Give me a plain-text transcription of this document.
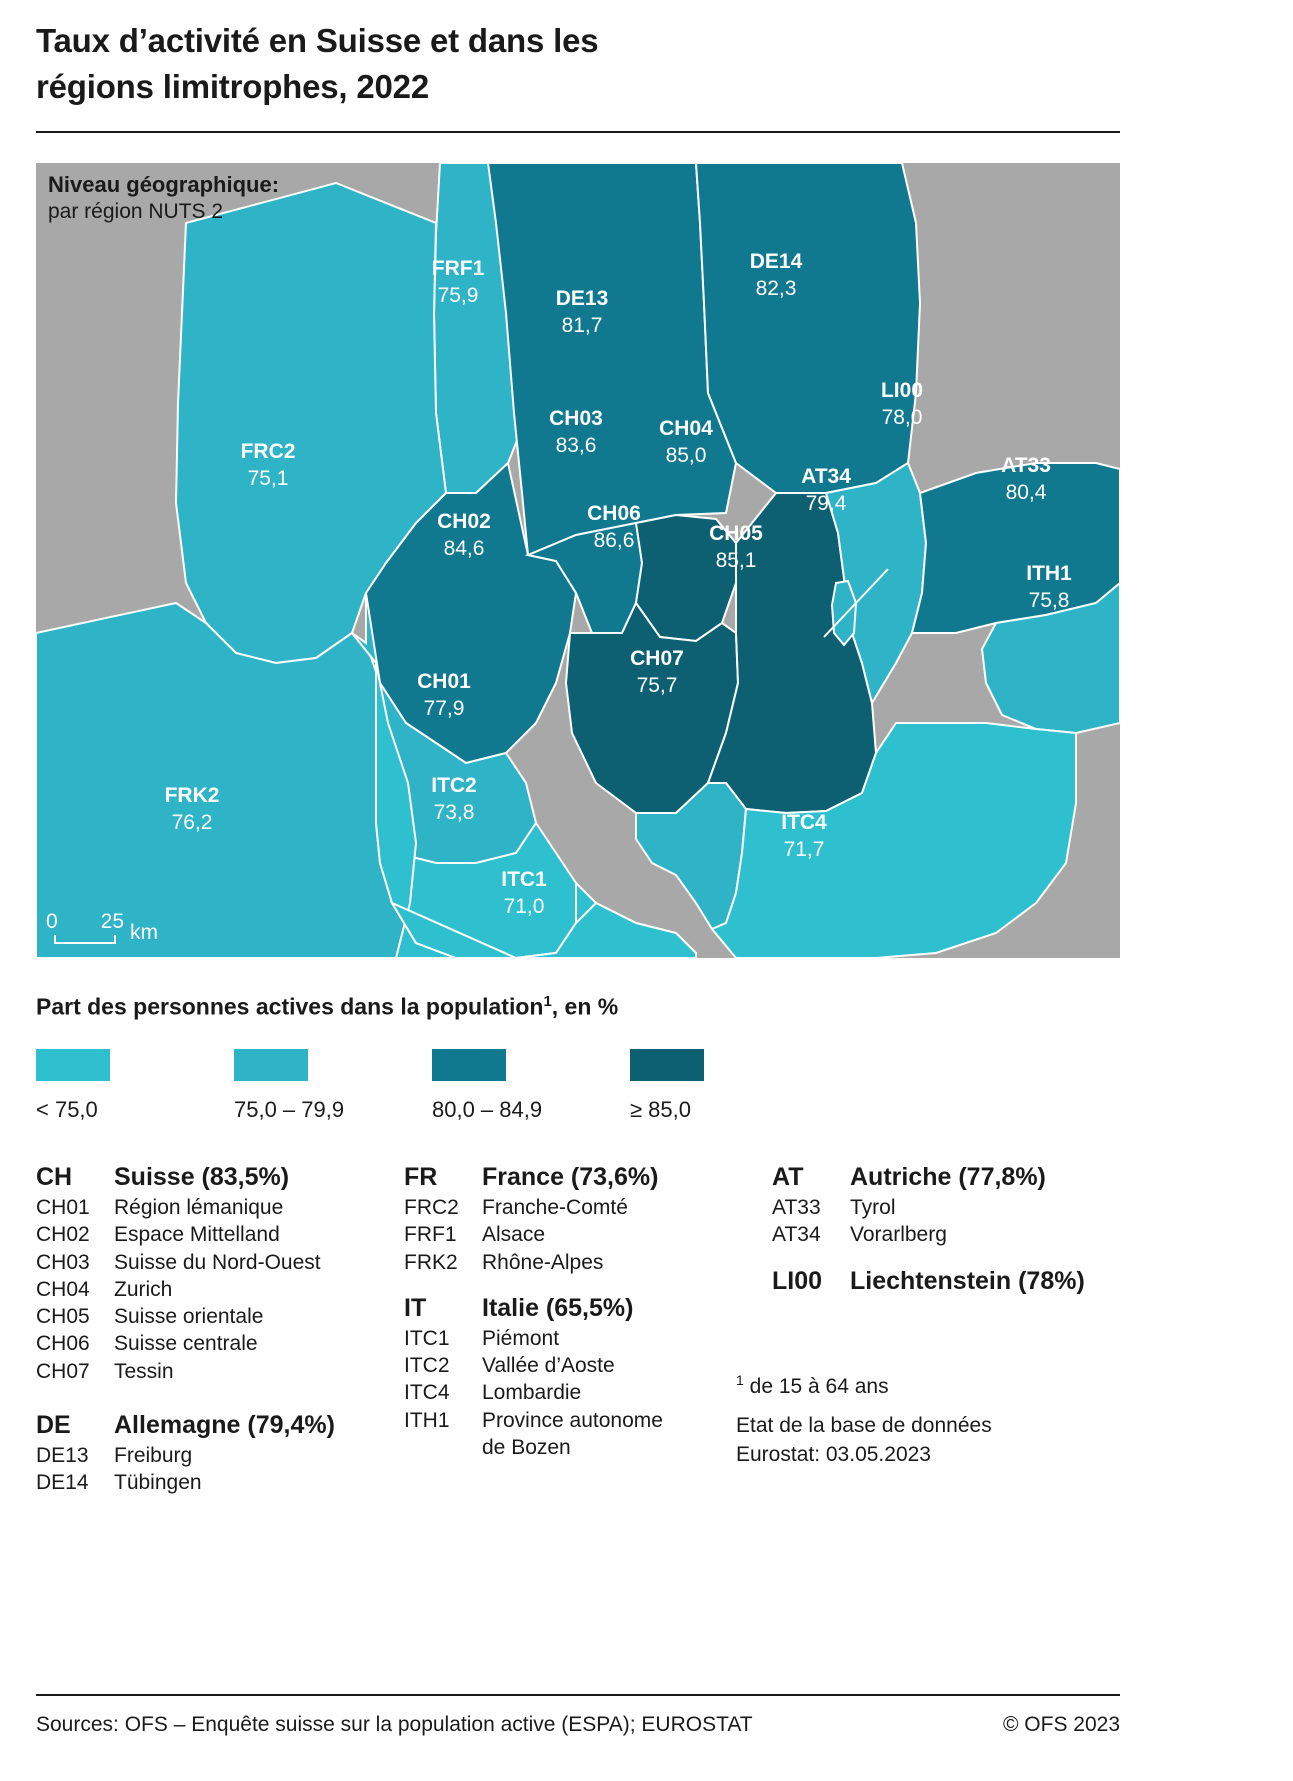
Taux d’activité en Suisse et dans les
régions limitrophes, 2022
FRF1
75,9	DE13
81,7
DE14
82,3
FRC2
75,1
CH03
83,6
CH04
85,0
LI00
78,0
AT34
79,4
AT33
80,4
CH02
84,6
CH06
86,6	CH05
85,1
ITH1
75,8
CH01
77,9
CH07
75,7
FRK2
76,2
ITC2
73,8
ITC1
71,0
ITC4
71,7
Niveau géographique:
par région NUTS 2
0 25 km
Part des personnes actives dans la population$^1$, en %
< 75,0	75,0 – 79,9	80,0 – 84,9	≥ 85,0
CH	Suisse (83,5%)
CH01	Région lémanique
CH02	Espace Mittelland
CH03	Suisse du Nord-Ouest
CH04	Zurich
CH05	Suisse orientale
CH06	Suisse centrale
CH07	Tessin
DE	Allemagne (79,4%)
DE13	Freiburg
DE14	Tübingen
FR	France (73,6%)
FRC2	Franche-Comté
FRF1	Alsace
FRK2	Rhône-Alpes
IT	Italie (65,5%)
ITC1	Piémont
ITC2	Vallée d’Aoste
ITC4	Lombardie
ITH1	Province autonome
de Bozen
AT	Autriche (77,8%)
AT33	Tyrol
AT34	Vorarlberg
LI00	Liechtenstein (78%)
$^1$ de 15 à 64 ans
Etat de la base de données
Eurostat: 03.05.2023
Sources: OFS – Enquête suisse sur la population active (ESPA); EUROSTAT	© OFS 2023
